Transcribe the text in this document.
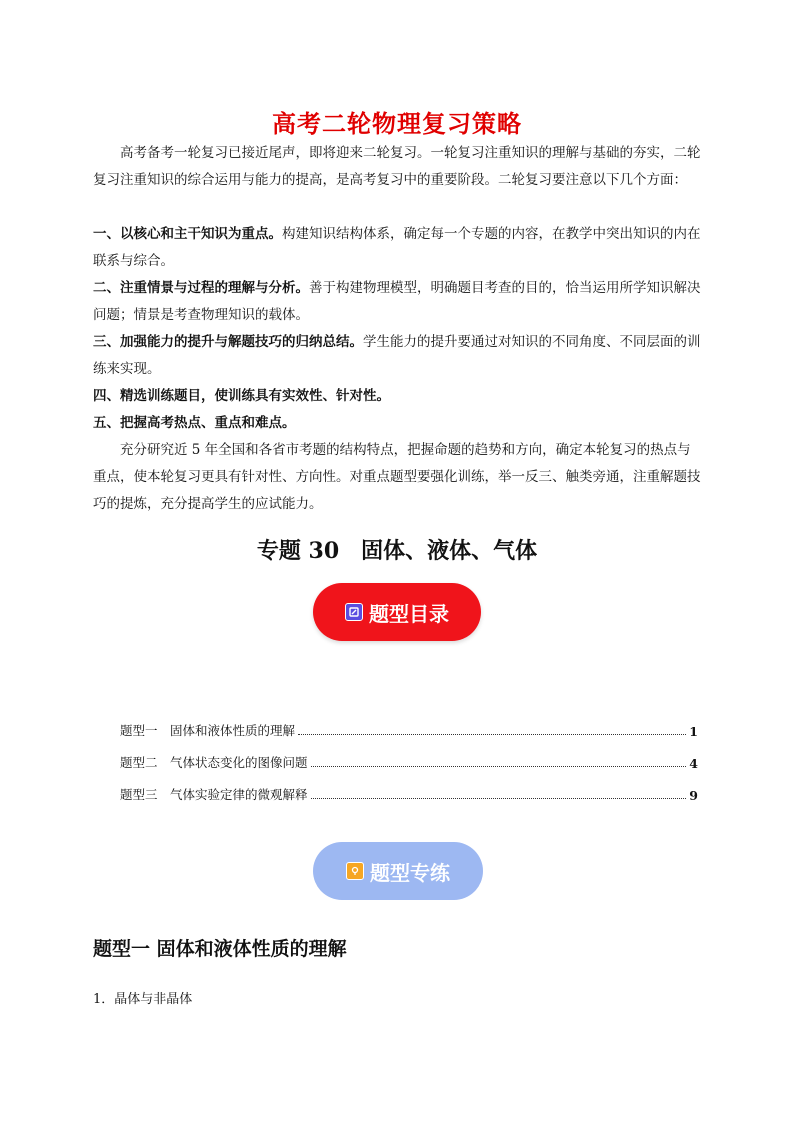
高考二轮物理复习策略
高考备考一轮复习已接近尾声，即将迎来二轮复习。一轮复习注重知识的理解与基础的夯实，二轮复习注重知识的综合运用与能力的提高，是高考复习中的重要阶段。二轮复习要注意以下几个方面：
一、以核心和主干知识为重点。构建知识结构体系，确定每一个专题的内容，在教学中突出知识的内在联系与综合。
二、注重情景与过程的理解与分析。善于构建物理模型，明确题目考查的目的，恰当运用所学知识解决问题；情景是考查物理知识的载体。
三、加强能力的提升与解题技巧的归纳总结。学生能力的提升要通过对知识的不同角度、不同层面的训练来实现。
四、精选训练题目，使训练具有实效性、针对性。
五、把握高考热点、重点和难点。
充分研究近 5 年全国和各省市考题的结构特点，把握命题的趋势和方向，确定本轮复习的热点与重点，使本轮复习更具有针对性、方向性。对重点题型要强化训练，举一反三、触类旁通，注重解题技巧的提炼，充分提高学生的应试能力。
专题 30　固体、液体、气体
题型目录
题型一　固体和液体性质的理解	1
题型二　气体状态变化的图像问题	4
题型三　气体实验定律的微观解释	9
题型专练
题型一 固体和液体性质的理解
1．晶体与非晶体
